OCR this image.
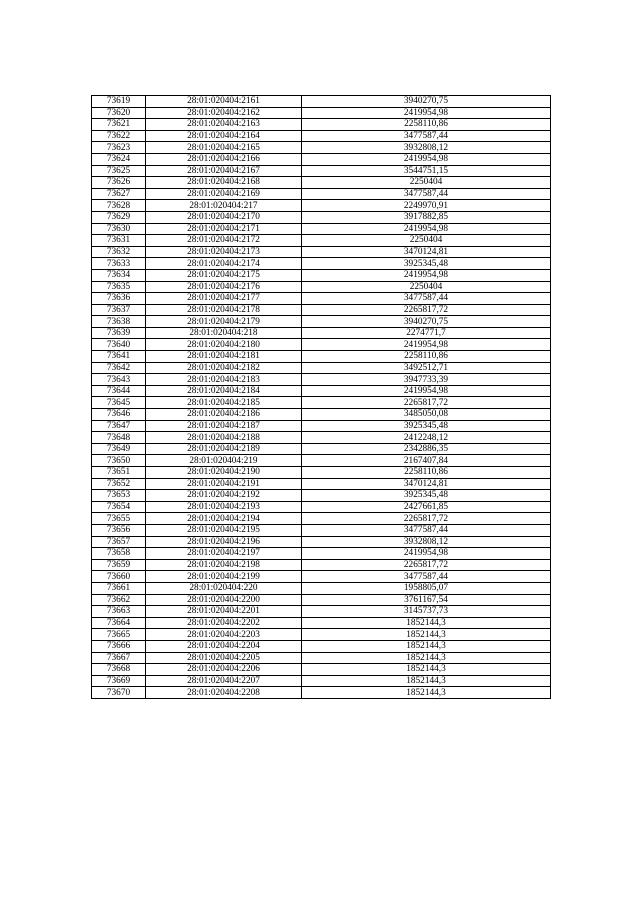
73619	28:01:020404:2161	3940270,75
73620	28:01:020404:2162	2419954,98
73621	28:01:020404:2163	2258110,86
73622	28:01:020404:2164	3477587,44
73623	28:01:020404:2165	3932808,12
73624	28:01:020404:2166	2419954,98
73625	28:01:020404:2167	3544751,15
73626	28:01:020404:2168	2250404
73627	28:01:020404:2169	3477587,44
73628	28:01:020404:217	2249970,91
73629	28:01:020404:2170	3917882,85
73630	28:01:020404:2171	2419954,98
73631	28:01:020404:2172	2250404
73632	28:01:020404:2173	3470124,81
73633	28:01:020404:2174	3925345,48
73634	28:01:020404:2175	2419954,98
73635	28:01:020404:2176	2250404
73636	28:01:020404:2177	3477587,44
73637	28:01:020404:2178	2265817,72
73638	28:01:020404:2179	3940270,75
73639	28:01:020404:218	2274771,7
73640	28:01:020404:2180	2419954,98
73641	28:01:020404:2181	2258110,86
73642	28:01:020404:2182	3492512,71
73643	28:01:020404:2183	3947733,39
73644	28:01:020404:2184	2419954,98
73645	28:01:020404:2185	2265817,72
73646	28:01:020404:2186	3485050,08
73647	28:01:020404:2187	3925345,48
73648	28:01:020404:2188	2412248,12
73649	28:01:020404:2189	2342886,35
73650	28:01:020404:219	2167407,84
73651	28:01:020404:2190	2258110,86
73652	28:01:020404:2191	3470124,81
73653	28:01:020404:2192	3925345,48
73654	28:01:020404:2193	2427661,85
73655	28:01:020404:2194	2265817,72
73656	28:01:020404:2195	3477587,44
73657	28:01:020404:2196	3932808,12
73658	28:01:020404:2197	2419954,98
73659	28:01:020404:2198	2265817,72
73660	28:01:020404:2199	3477587,44
73661	28:01:020404:220	1958805,07
73662	28:01:020404:2200	3761167,54
73663	28:01:020404:2201	3145737,73
73664	28:01:020404:2202	1852144,3
73665	28:01:020404:2203	1852144,3
73666	28:01:020404:2204	1852144,3
73667	28:01:020404:2205	1852144,3
73668	28:01:020404:2206	1852144,3
73669	28:01:020404:2207	1852144,3
73670	28:01:020404:2208	1852144,3
